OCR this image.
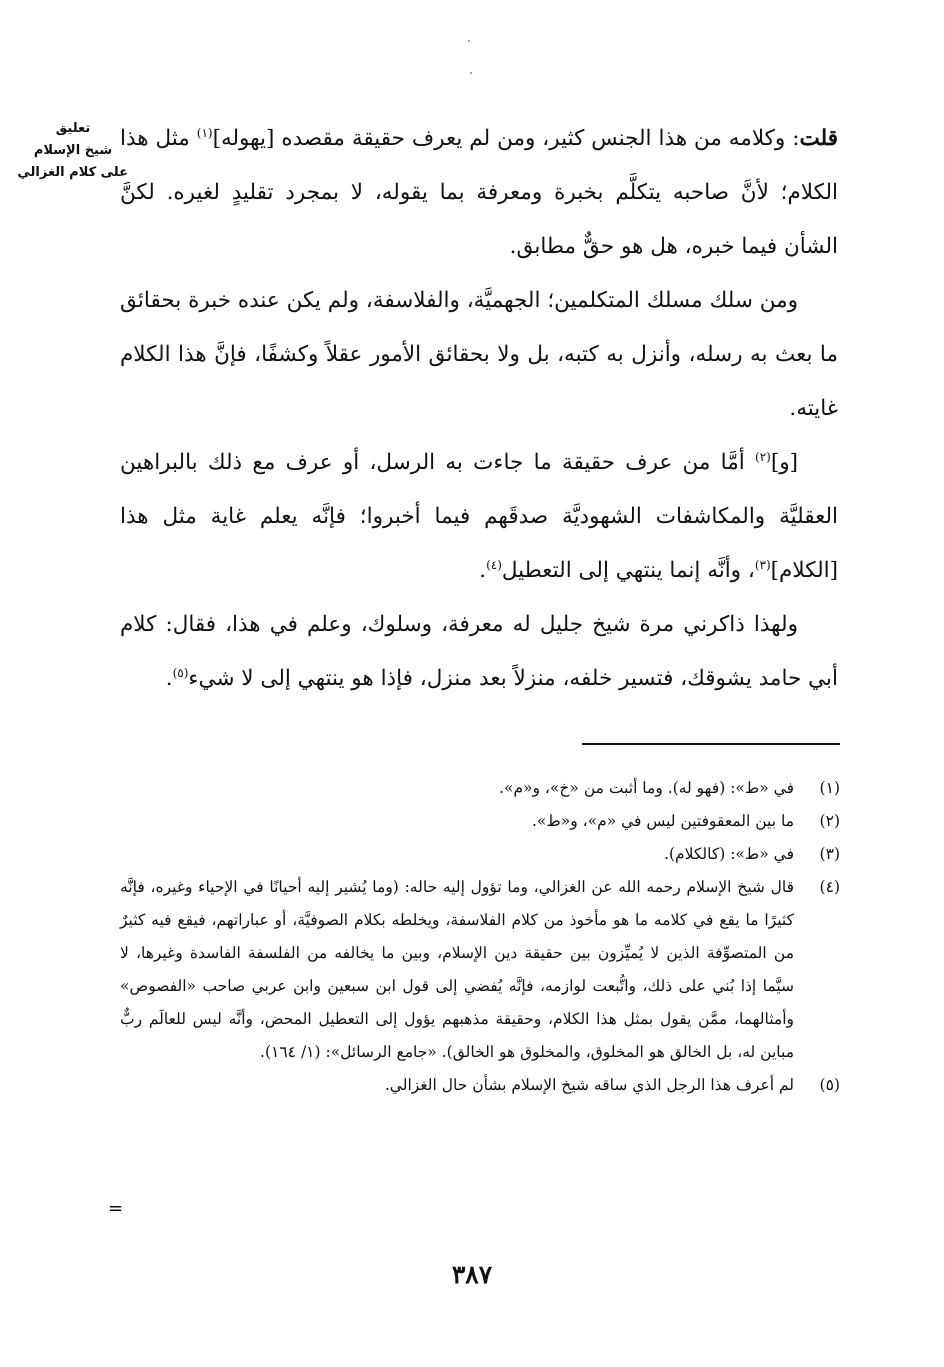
تعليق
شيخ الإسلام
على كلام الغزالي

قلت: وكلامه من هذا الجنس كثير، ومن لم يعرف حقيقة مقصده [يهوله]$^{(١)}$ مثل هذا الكلام؛ لأنَّ صاحبه يتكلَّم بخبرة ومعرفة بما يقوله، لا بمجرد تقليدٍ لغيره. لكنَّ الشأن فيما خبره، هل هو حقٌّ مطابق.

ومن سلك مسلك المتكلمين؛ الجهميَّة، والفلاسفة، ولم يكن عنده خبرة بحقائق ما بعث به رسله، وأنزل به كتبه، بل ولا بحقائق الأمور عقلاً وكشفًا، فإنَّ هذا الكلام غايته.

[و]$^{(٢)}$ أمَّا من عرف حقيقة ما جاءت به الرسل، أو عرف مع ذلك بالبراهين العقليَّة والمكاشفات الشهوديَّة صدقَهم فيما أخبروا؛ فإنَّه يعلم غاية مثل هذا [الكلام]$^{(٣)}$، وأنَّه إنما ينتهي إلى التعطيل$^{(٤)}$.

ولهذا ذاكرني مرة شيخ جليل له معرفة، وسلوك، وعلم في هذا، فقال: كلام أبي حامد يشوقك، فتسير خلفه، منزلاً بعد منزل، فإذا هو ينتهي إلى لا شيء$^{(٥)}$.

(١)
في «ط»: (فهو له). وما أثبت من «خ»، و«م».
(٢)
ما بين المعقوفتين ليس في «م»، و«ط».
(٣)
في «ط»: (كالكلام).
(٤)
قال شيخ الإسلام رحمه الله عن الغزالي، وما تؤول إليه حاله: (وما يُشير إليه أحيانًا في الإحياء وغيره، فإنَّه كثيرًا ما يقع في كلامه ما هو مأخوذ من كلام الفلاسفة، ويخلطه بكلام الصوفيَّة، أو عباراتهم، فيقع فيه كثيرٌ من المتصوِّفة الذين لا يُميِّزون بين حقيقة دين الإسلام، وبين ما يخالفه من الفلسفة الفاسدة وغيرها، لا سيَّما إذا بُني على ذلك، واتُّبعت لوازمه، فإنَّه يُفضي إلى قول ابن سبعين وابن عربي صاحب «الفصوص» وأمثالهما، ممَّن يقول بمثل هذا الكلام، وحقيقة مذهبهم يؤول إلى التعطيل المحض، وأنَّه ليس للعالَم ربٌّ مباين له، بل الخالق هو المخلوق، والمخلوق هو الخالق). «جامع الرسائل»: (١/ ١٦٤).
(٥)
لم أعرف هذا الرجل الذي ساقه شيخ الإسلام بشأن حال الغزالي.
=
٣٨٧
